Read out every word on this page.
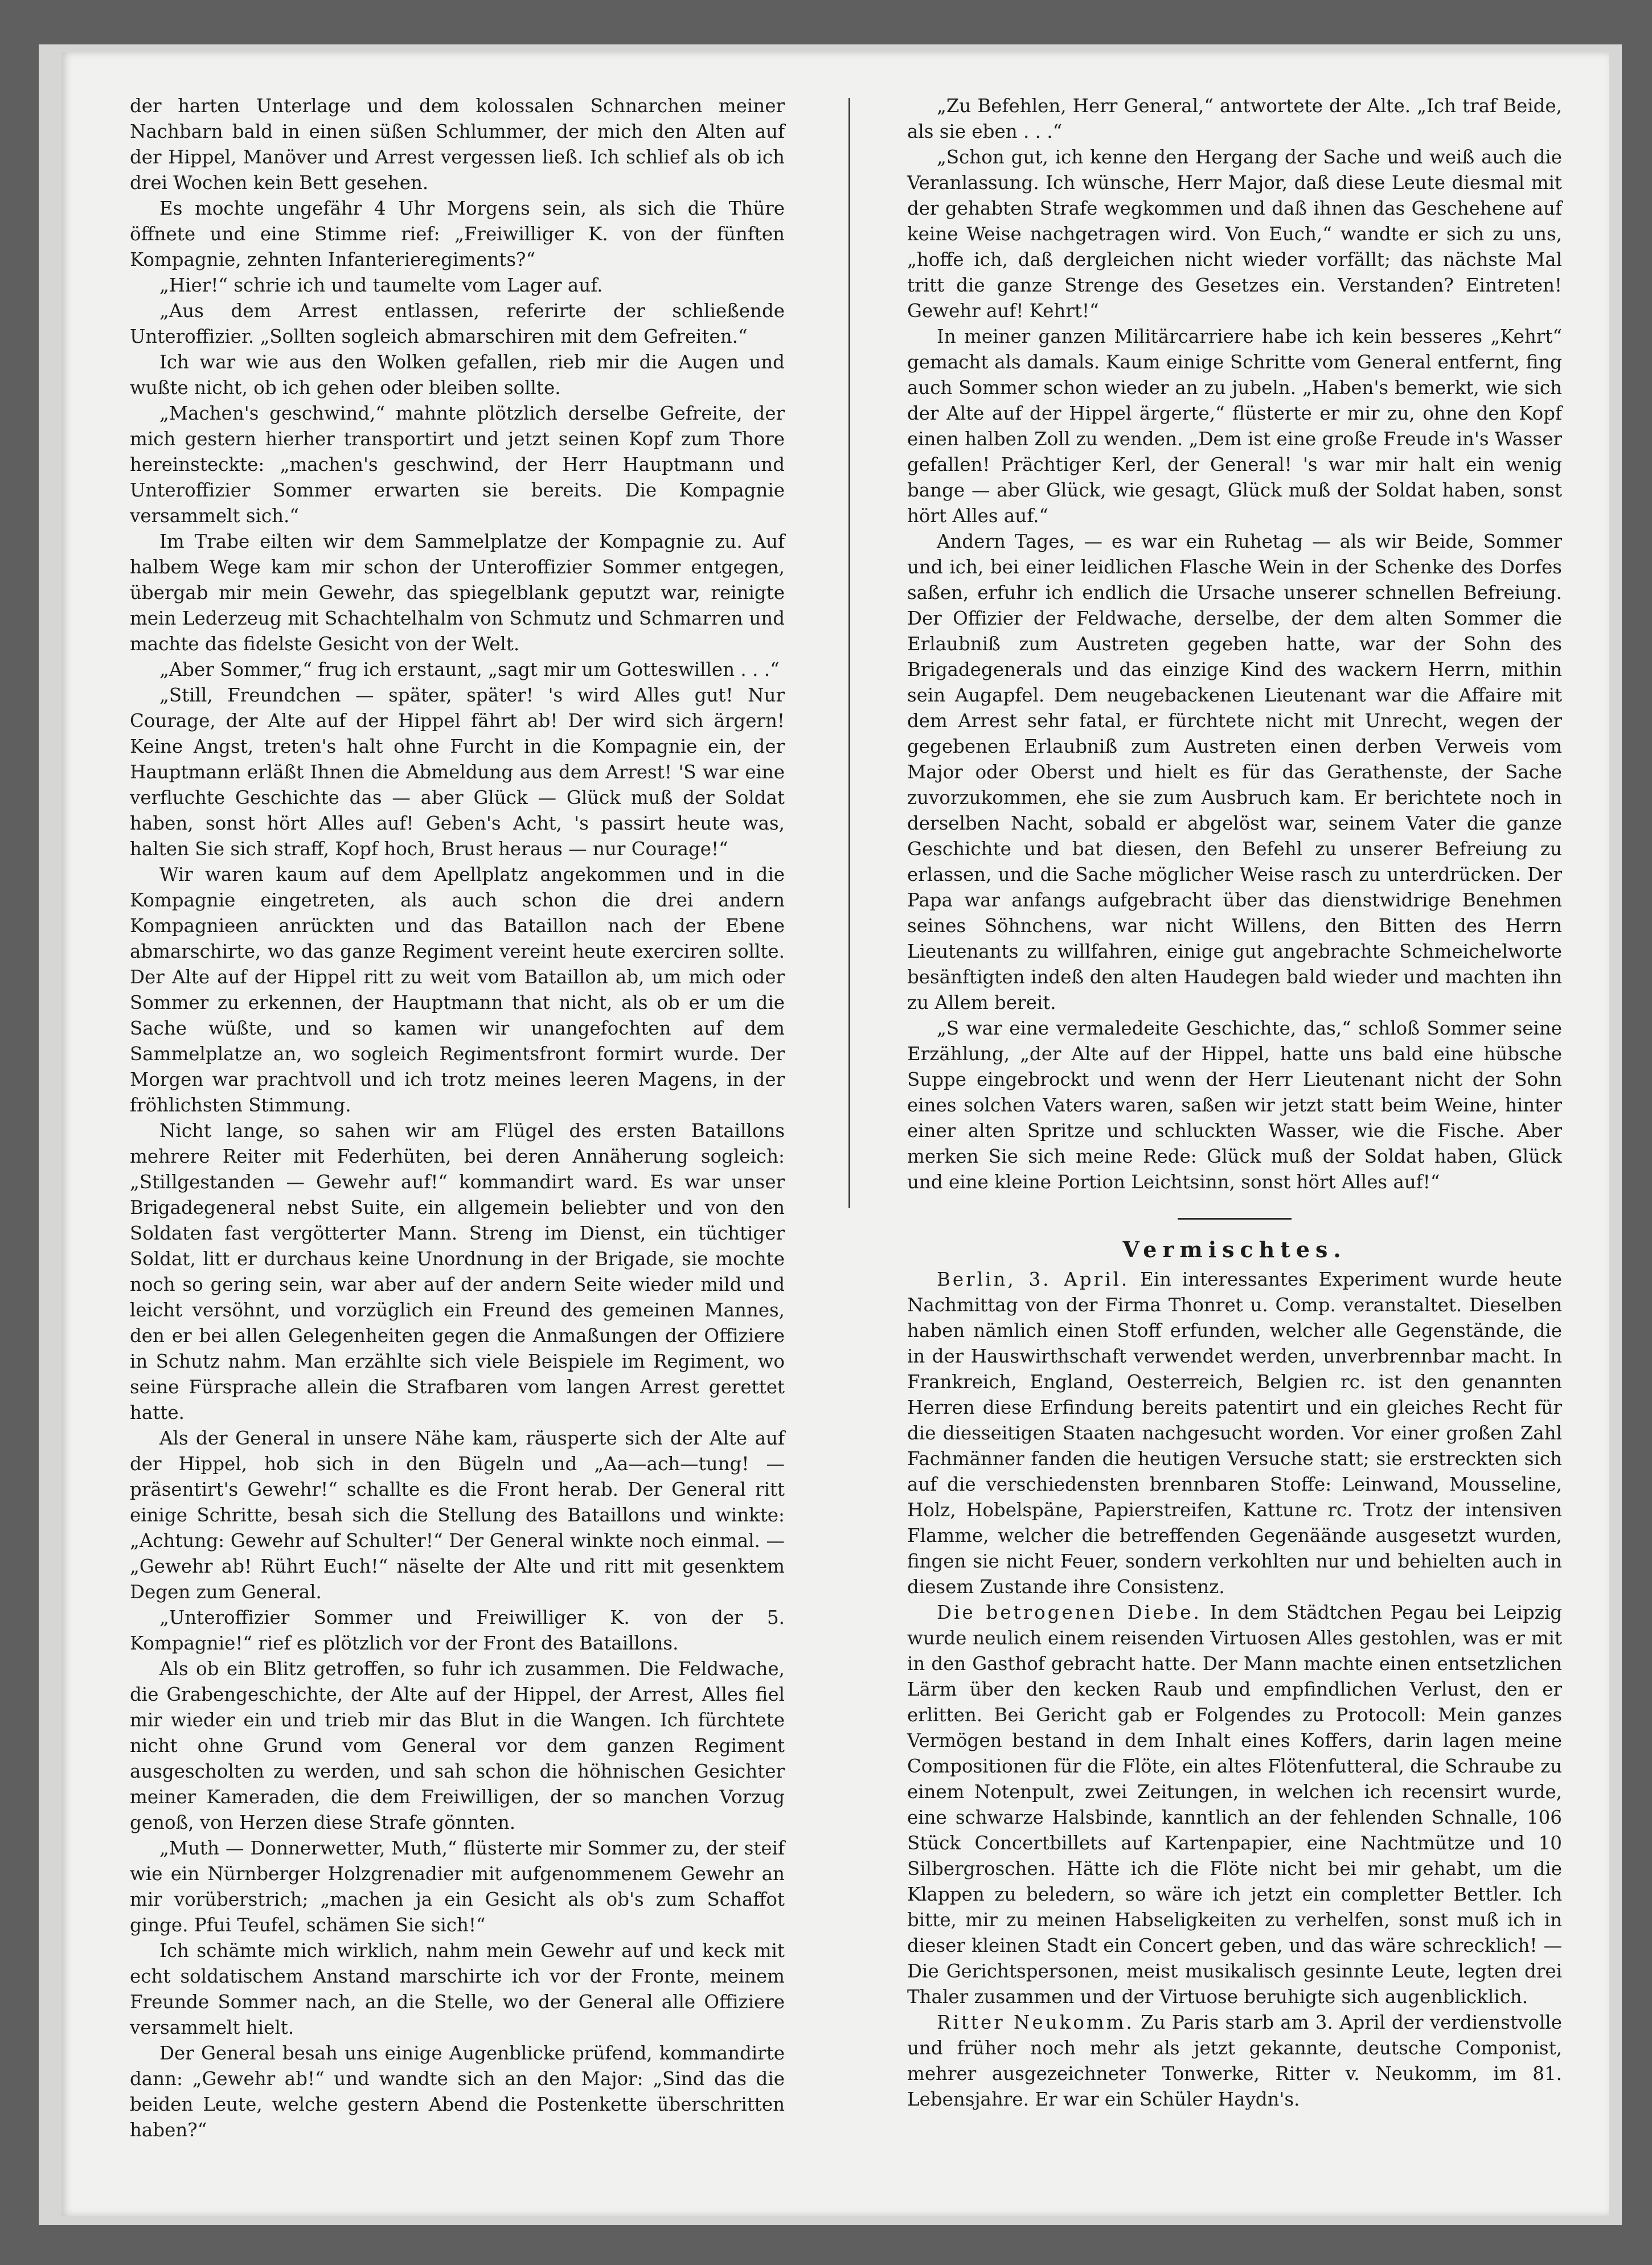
der harten Unterlage und dem kolossalen Schnarchen meiner Nachbarn bald in einen süßen Schlummer, der mich den Alten auf der Hippel, Manöver und Arrest vergessen ließ. Ich schlief als ob ich drei Wochen kein Bett gesehen.

Es mochte ungefähr 4 Uhr Morgens sein, als sich die Thüre öffnete und eine Stimme rief: „Freiwilliger K. von der fünften Kompagnie, zehnten Infanterieregiments?“

„Hier!“ schrie ich und taumelte vom Lager auf.

„Aus dem Arrest entlassen, referirte der schließende Unteroffizier. „Sollten sogleich abmarschiren mit dem Gefreiten.“

Ich war wie aus den Wolken gefallen, rieb mir die Augen und wußte nicht, ob ich gehen oder bleiben sollte.

„Machen's geschwind,“ mahnte plötzlich derselbe Gefreite, der mich gestern hierher transportirt und jetzt seinen Kopf zum Thore hereinsteckte: „machen's geschwind, der Herr Hauptmann und Unteroffizier Sommer erwarten sie bereits. Die Kompagnie versammelt sich.“

Im Trabe eilten wir dem Sammelplatze der Kompagnie zu. Auf halbem Wege kam mir schon der Unteroffizier Sommer entgegen, übergab mir mein Gewehr, das spiegelblank geputzt war, reinigte mein Lederzeug mit Schachtelhalm von Schmutz und Schmarren und machte das fidelste Gesicht von der Welt.

„Aber Sommer,“ frug ich erstaunt, „sagt mir um Gotteswillen . . .“

„Still, Freundchen — später, später! 's wird Alles gut! Nur Courage, der Alte auf der Hippel fährt ab! Der wird sich ärgern! Keine Angst, treten's halt ohne Furcht in die Kompagnie ein, der Hauptmann erläßt Ihnen die Abmeldung aus dem Arrest! 'S war eine verfluchte Geschichte das — aber Glück — Glück muß der Soldat haben, sonst hört Alles auf! Geben's Acht, 's passirt heute was, halten Sie sich straff, Kopf hoch, Brust heraus — nur Courage!“

Wir waren kaum auf dem Apellplatz angekommen und in die Kompagnie eingetreten, als auch schon die drei andern Kompagnieen anrückten und das Bataillon nach der Ebene abmarschirte, wo das ganze Regiment vereint heute exerciren sollte. Der Alte auf der Hippel ritt zu weit vom Bataillon ab, um mich oder Sommer zu erkennen, der Hauptmann that nicht, als ob er um die Sache wüßte, und so kamen wir unangefochten auf dem Sammelplatze an, wo sogleich Regimentsfront formirt wurde. Der Morgen war prachtvoll und ich trotz meines leeren Magens, in der fröhlichsten Stimmung.

Nicht lange, so sahen wir am Flügel des ersten Bataillons mehrere Reiter mit Federhüten, bei deren Annäherung sogleich: „Stillgestanden — Gewehr auf!“ kommandirt ward. Es war unser Brigadegeneral nebst Suite, ein allgemein beliebter und von den Soldaten fast vergötterter Mann. Streng im Dienst, ein tüchtiger Soldat, litt er durchaus keine Unordnung in der Brigade, sie mochte noch so gering sein, war aber auf der andern Seite wieder mild und leicht versöhnt, und vorzüglich ein Freund des gemeinen Mannes, den er bei allen Gelegenheiten gegen die Anmaßungen der Offiziere in Schutz nahm. Man erzählte sich viele Beispiele im Regiment, wo seine Fürsprache allein die Strafbaren vom langen Arrest gerettet hatte.

Als der General in unsere Nähe kam, räusperte sich der Alte auf der Hippel, hob sich in den Bügeln und „Aa—ach—tung! — präsentirt's Gewehr!“ schallte es die Front herab. Der General ritt einige Schritte, besah sich die Stellung des Bataillons und winkte: „Achtung: Gewehr auf Schulter!“ Der General winkte noch einmal. — „Gewehr ab! Rührt Euch!“ näselte der Alte und ritt mit gesenktem Degen zum General.

„Unteroffizier Sommer und Freiwilliger K. von der 5. Kompagnie!“ rief es plötzlich vor der Front des Bataillons.

Als ob ein Blitz getroffen, so fuhr ich zusammen. Die Feldwache, die Grabengeschichte, der Alte auf der Hippel, der Arrest, Alles fiel mir wieder ein und trieb mir das Blut in die Wangen. Ich fürchtete nicht ohne Grund vom General vor dem ganzen Regiment ausgescholten zu werden, und sah schon die höhnischen Gesichter meiner Kameraden, die dem Freiwilligen, der so manchen Vorzug genoß, von Herzen diese Strafe gönnten.

„Muth — Donnerwetter, Muth,“ flüsterte mir Sommer zu, der steif wie ein Nürnberger Holzgrenadier mit aufgenommenem Gewehr an mir vorüberstrich; „machen ja ein Gesicht als ob's zum Schaffot ginge. Pfui Teufel, schämen Sie sich!“

Ich schämte mich wirklich, nahm mein Gewehr auf und keck mit echt soldatischem Anstand marschirte ich vor der Fronte, meinem Freunde Sommer nach, an die Stelle, wo der General alle Offiziere versammelt hielt.

Der General besah uns einige Augenblicke prüfend, kommandirte dann: „Gewehr ab!“ und wandte sich an den Major: „Sind das die beiden Leute, welche gestern Abend die Postenkette überschritten haben?“

„Zu Befehlen, Herr General,“ antwortete der Alte. „Ich traf Beide, als sie eben . . .“

„Schon gut, ich kenne den Hergang der Sache und weiß auch die Veranlassung. Ich wünsche, Herr Major, daß diese Leute diesmal mit der gehabten Strafe wegkommen und daß ihnen das Geschehene auf keine Weise nachgetragen wird. Von Euch,“ wandte er sich zu uns, „hoffe ich, daß dergleichen nicht wieder vorfällt; das nächste Mal tritt die ganze Strenge des Gesetzes ein. Verstanden? Eintreten! Gewehr auf! Kehrt!“

In meiner ganzen Militärcarriere habe ich kein besseres „Kehrt“ gemacht als damals. Kaum einige Schritte vom General entfernt, fing auch Sommer schon wieder an zu jubeln. „Haben's bemerkt, wie sich der Alte auf der Hippel ärgerte,“ flüsterte er mir zu, ohne den Kopf einen halben Zoll zu wenden. „Dem ist eine große Freude in's Wasser gefallen! Prächtiger Kerl, der General! 's war mir halt ein wenig bange — aber Glück, wie gesagt, Glück muß der Soldat haben, sonst hört Alles auf.“

Andern Tages, — es war ein Ruhetag — als wir Beide, Sommer und ich, bei einer leidlichen Flasche Wein in der Schenke des Dorfes saßen, erfuhr ich endlich die Ursache unserer schnellen Befreiung. Der Offizier der Feldwache, derselbe, der dem alten Sommer die Erlaubniß zum Austreten gegeben hatte, war der Sohn des Brigadegenerals und das einzige Kind des wackern Herrn, mithin sein Augapfel. Dem neugebackenen Lieutenant war die Affaire mit dem Arrest sehr fatal, er fürchtete nicht mit Unrecht, wegen der gegebenen Erlaubniß zum Austreten einen derben Verweis vom Major oder Oberst und hielt es für das Gerathenste, der Sache zuvorzukommen, ehe sie zum Ausbruch kam. Er berichtete noch in derselben Nacht, sobald er abgelöst war, seinem Vater die ganze Geschichte und bat diesen, den Befehl zu unserer Befreiung zu erlassen, und die Sache möglicher Weise rasch zu unterdrücken. Der Papa war anfangs aufgebracht über das dienstwidrige Benehmen seines Söhnchens, war nicht Willens, den Bitten des Herrn Lieutenants zu willfahren, einige gut angebrachte Schmeichelworte besänftigten indeß den alten Haudegen bald wieder und machten ihn zu Allem bereit.

„S war eine vermaledeite Geschichte, das,“ schloß Sommer seine Erzählung, „der Alte auf der Hippel, hatte uns bald eine hübsche Suppe eingebrockt und wenn der Herr Lieutenant nicht der Sohn eines solchen Vaters waren, saßen wir jetzt statt beim Weine, hinter einer alten Spritze und schluckten Wasser, wie die Fische. Aber merken Sie sich meine Rede: Glück muß der Soldat haben, Glück und eine kleine Portion Leichtsinn, sonst hört Alles auf!“

Vermischtes.

Berlin, 3. April. Ein interessantes Experiment wurde heute Nachmittag von der Firma Thonret u. Comp. veranstaltet. Dieselben haben nämlich einen Stoff erfunden, welcher alle Gegenstände, die in der Hauswirthschaft verwendet werden, unverbrennbar macht. In Frankreich, England, Oesterreich, Belgien rc. ist den genannten Herren diese Erfindung bereits patentirt und ein gleiches Recht für die diesseitigen Staaten nachgesucht worden. Vor einer großen Zahl Fachmänner fanden die heutigen Versuche statt; sie erstreckten sich auf die verschiedensten brennbaren Stoffe: Leinwand, Mousseline, Holz, Hobelspäne, Papierstreifen, Kattune rc. Trotz der intensiven Flamme, welcher die betreffenden Gegenäände ausgesetzt wurden, fingen sie nicht Feuer, sondern verkohlten nur und behielten auch in diesem Zustande ihre Consistenz.

Die betrogenen Diebe. In dem Städtchen Pegau bei Leipzig wurde neulich einem reisenden Virtuosen Alles gestohlen, was er mit in den Gasthof gebracht hatte. Der Mann machte einen entsetzlichen Lärm über den kecken Raub und empfindlichen Verlust, den er erlitten. Bei Gericht gab er Folgendes zu Protocoll: Mein ganzes Vermögen bestand in dem Inhalt eines Koffers, darin lagen meine Compositionen für die Flöte, ein altes Flötenfutteral, die Schraube zu einem Notenpult, zwei Zeitungen, in welchen ich recensirt wurde, eine schwarze Halsbinde, kanntlich an der fehlenden Schnalle, 106 Stück Concertbillets auf Kartenpapier, eine Nachtmütze und 10 Silbergroschen. Hätte ich die Flöte nicht bei mir gehabt, um die Klappen zu beledern, so wäre ich jetzt ein completter Bettler. Ich bitte, mir zu meinen Habseligkeiten zu verhelfen, sonst muß ich in dieser kleinen Stadt ein Concert geben, und das wäre schrecklich! — Die Gerichtspersonen, meist musikalisch gesinnte Leute, legten drei Thaler zusammen und der Virtuose beruhigte sich augenblicklich.

Ritter Neukomm. Zu Paris starb am 3. April der verdienstvolle und früher noch mehr als jetzt gekannte, deutsche Componist, mehrer ausgezeichneter Tonwerke, Ritter v. Neukomm, im 81. Lebensjahre. Er war ein Schüler Haydn's.
